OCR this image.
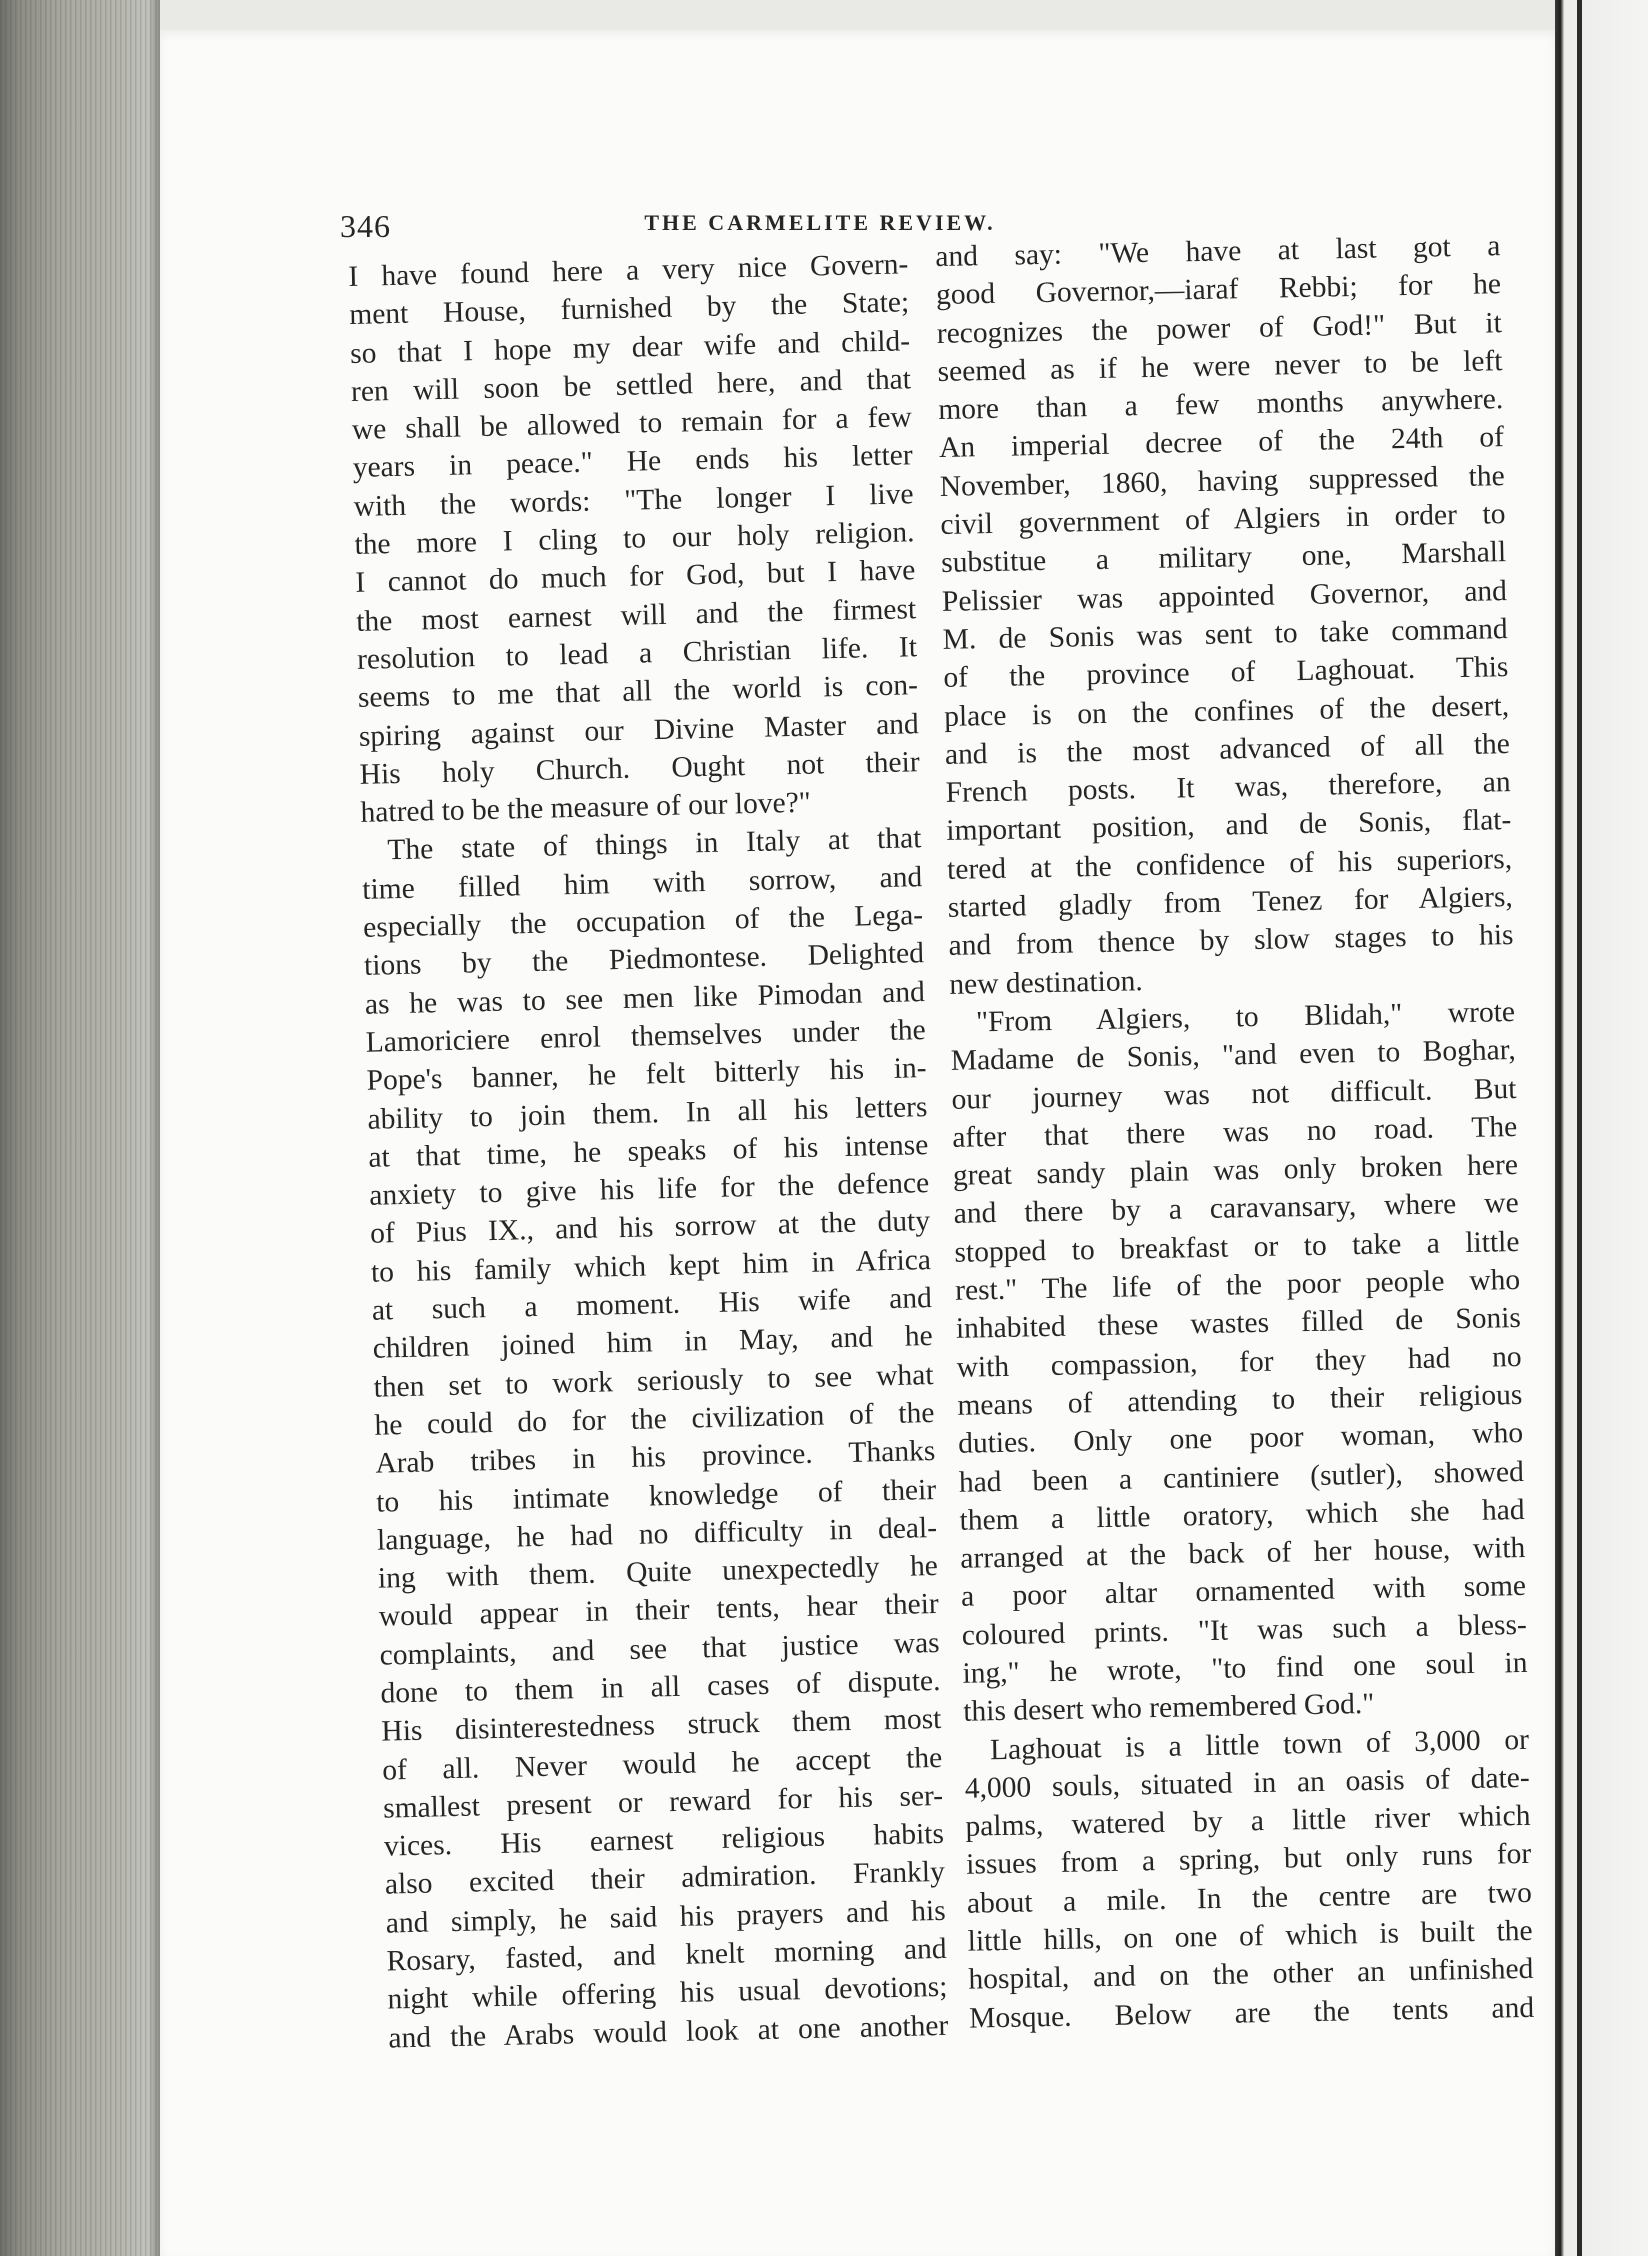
346	THE CARMELITE REVIEW.
I have found here a very nice Govern-
ment House, furnished by the State;
so that I hope my dear wife and child-
ren will soon be settled here, and that
we shall be allowed to remain for a few
years in peace." He ends his letter
with the words: "The longer I live
the more I cling to our holy religion.
I cannot do much for God, but I have
the most earnest will and the firmest
resolution to lead a Christian life. It
seems to me that all the world is con-
spiring against our Divine Master and
His holy Church. Ought not their
hatred to be the measure of our love?"
The state of things in Italy at that
time filled him with sorrow, and
especially the occupation of the Lega-
tions by the Piedmontese. Delighted
as he was to see men like Pimodan and
Lamoriciere enrol themselves under the
Pope's banner, he felt bitterly his in-
ability to join them. In all his letters
at that time, he speaks of his intense
anxiety to give his life for the defence
of Pius IX., and his sorrow at the duty
to his family which kept him in Africa
at such a moment. His wife and
children joined him in May, and he
then set to work seriously to see what
he could do for the civilization of the
Arab tribes in his province. Thanks
to his intimate knowledge of their
language, he had no difficulty in deal-
ing with them. Quite unexpectedly he
would appear in their tents, hear their
complaints, and see that justice was
done to them in all cases of dispute.
His disinterestedness struck them most
of all. Never would he accept the
smallest present or reward for his ser-
vices. His earnest religious habits
also excited their admiration. Frankly
and simply, he said his prayers and his
Rosary, fasted, and knelt morning and
night while offering his usual devotions;
and the Arabs would look at one another
and say: "We have at last got a
good Governor,—iaraf Rebbi; for he
recognizes the power of God!" But it
seemed as if he were never to be left
more than a few months anywhere.
An imperial decree of the 24th of
November, 1860, having suppressed the
civil government of Algiers in order to
substitue a military one, Marshall
Pelissier was appointed Governor, and
M. de Sonis was sent to take command
of the province of Laghouat. This
place is on the confines of the desert,
and is the most advanced of all the
French posts. It was, therefore, an
important position, and de Sonis, flat-
tered at the confidence of his superiors,
started gladly from Tenez for Algiers,
and from thence by slow stages to his
new destination.
"From Algiers, to Blidah," wrote
Madame de Sonis, "and even to Boghar,
our journey was not difficult. But
after that there was no road. The
great sandy plain was only broken here
and there by a caravansary, where we
stopped to breakfast or to take a little
rest." The life of the poor people who
inhabited these wastes filled de Sonis
with compassion, for they had no
means of attending to their religious
duties. Only one poor woman, who
had been a cantiniere (sutler), showed
them a little oratory, which she had
arranged at the back of her house, with
a poor altar ornamented with some
coloured prints. "It was such a bless-
ing," he wrote, "to find one soul in
this desert who remembered God."
Laghouat is a little town of 3,000 or
4,000 souls, situated in an oasis of date-
palms, watered by a little river which
issues from a spring, but only runs for
about a mile. In the centre are two
little hills, on one of which is built the
hospital, and on the other an unfinished
Mosque. Below are the tents and
